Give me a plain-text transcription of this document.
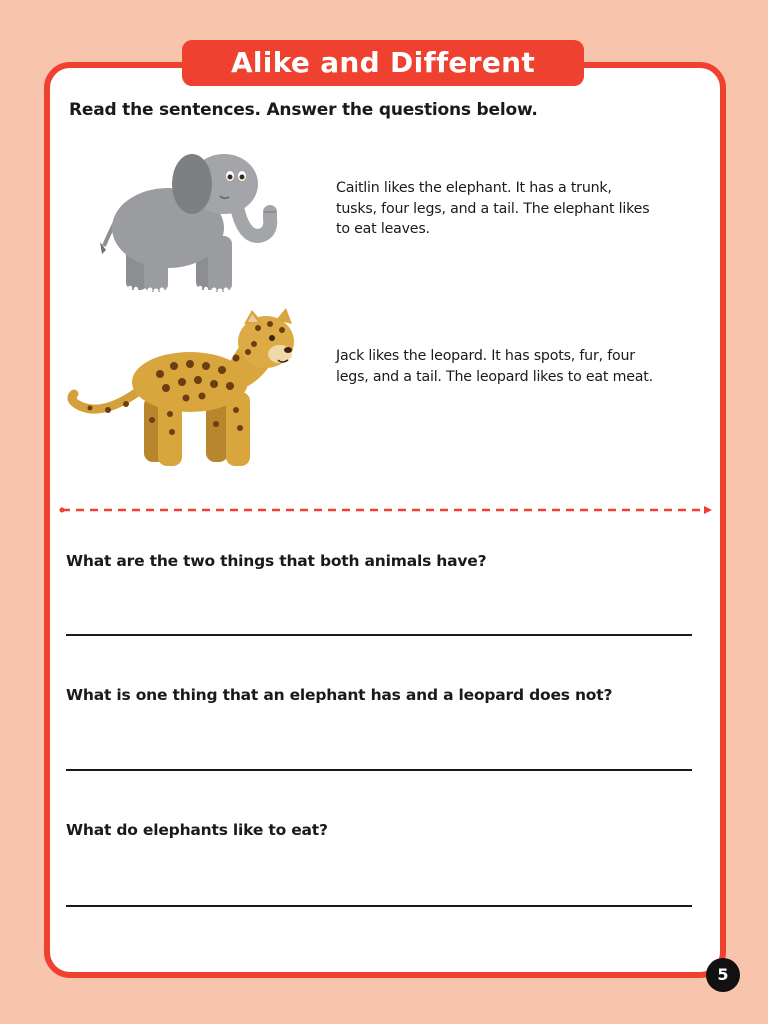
Alike and Different
Read the sentences. Answer the questions below.
Caitlin likes the elephant. It has a trunk, tusks, four legs, and a tail. The elephant likes to eat leaves.
Jack likes the leopard. It has spots, fur, four legs, and a tail. The leopard likes to eat meat.
What are the two things that both animals have?
What is one thing that an elephant has and a leopard does not?
What do elephants like to eat?
5
